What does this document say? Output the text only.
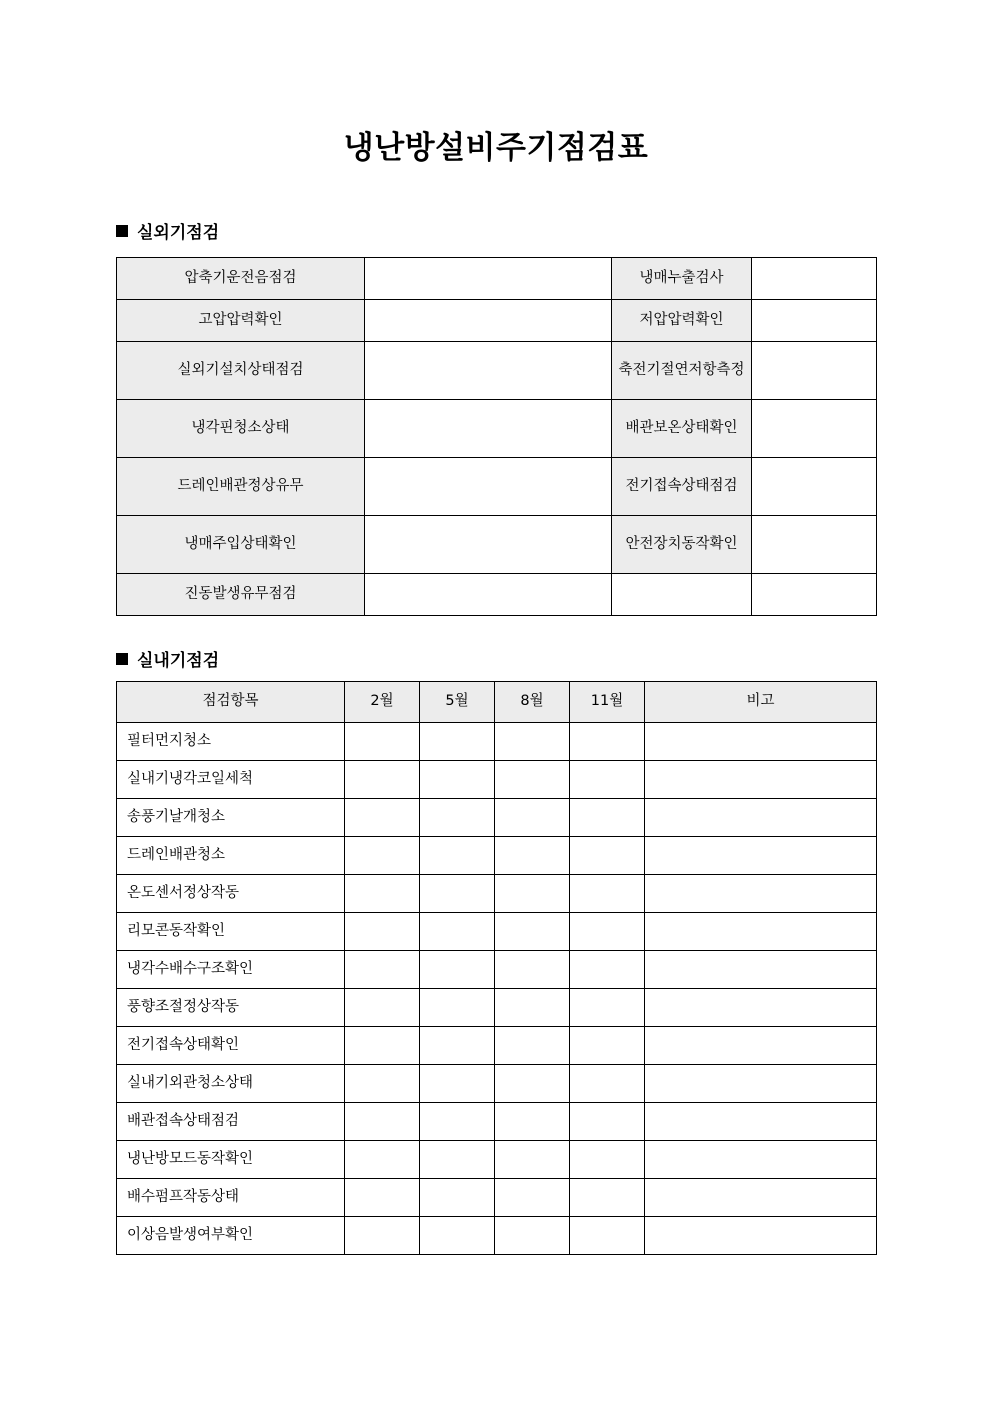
냉난방설비주기점검표
실외기점검
압축기운전음점검		냉매누출검사	
고압압력확인		저압압력확인	
실외기설치상태점검		축전기절연저항측정	
냉각핀청소상태		배관보온상태확인	
드레인배관정상유무		전기접속상태점검	
냉매주입상태확인		안전장치동작확인	
진동발생유무점검			
실내기점검
점검항목	2월	5월	8월	11월	비고
필터먼지청소					
실내기냉각코일세척					
송풍기날개청소					
드레인배관청소					
온도센서정상작동					
리모콘동작확인					
냉각수배수구조확인					
풍향조절정상작동					
전기접속상태확인					
실내기외관청소상태					
배관접속상태점검					
냉난방모드동작확인					
배수펌프작동상태					
이상음발생여부확인					
